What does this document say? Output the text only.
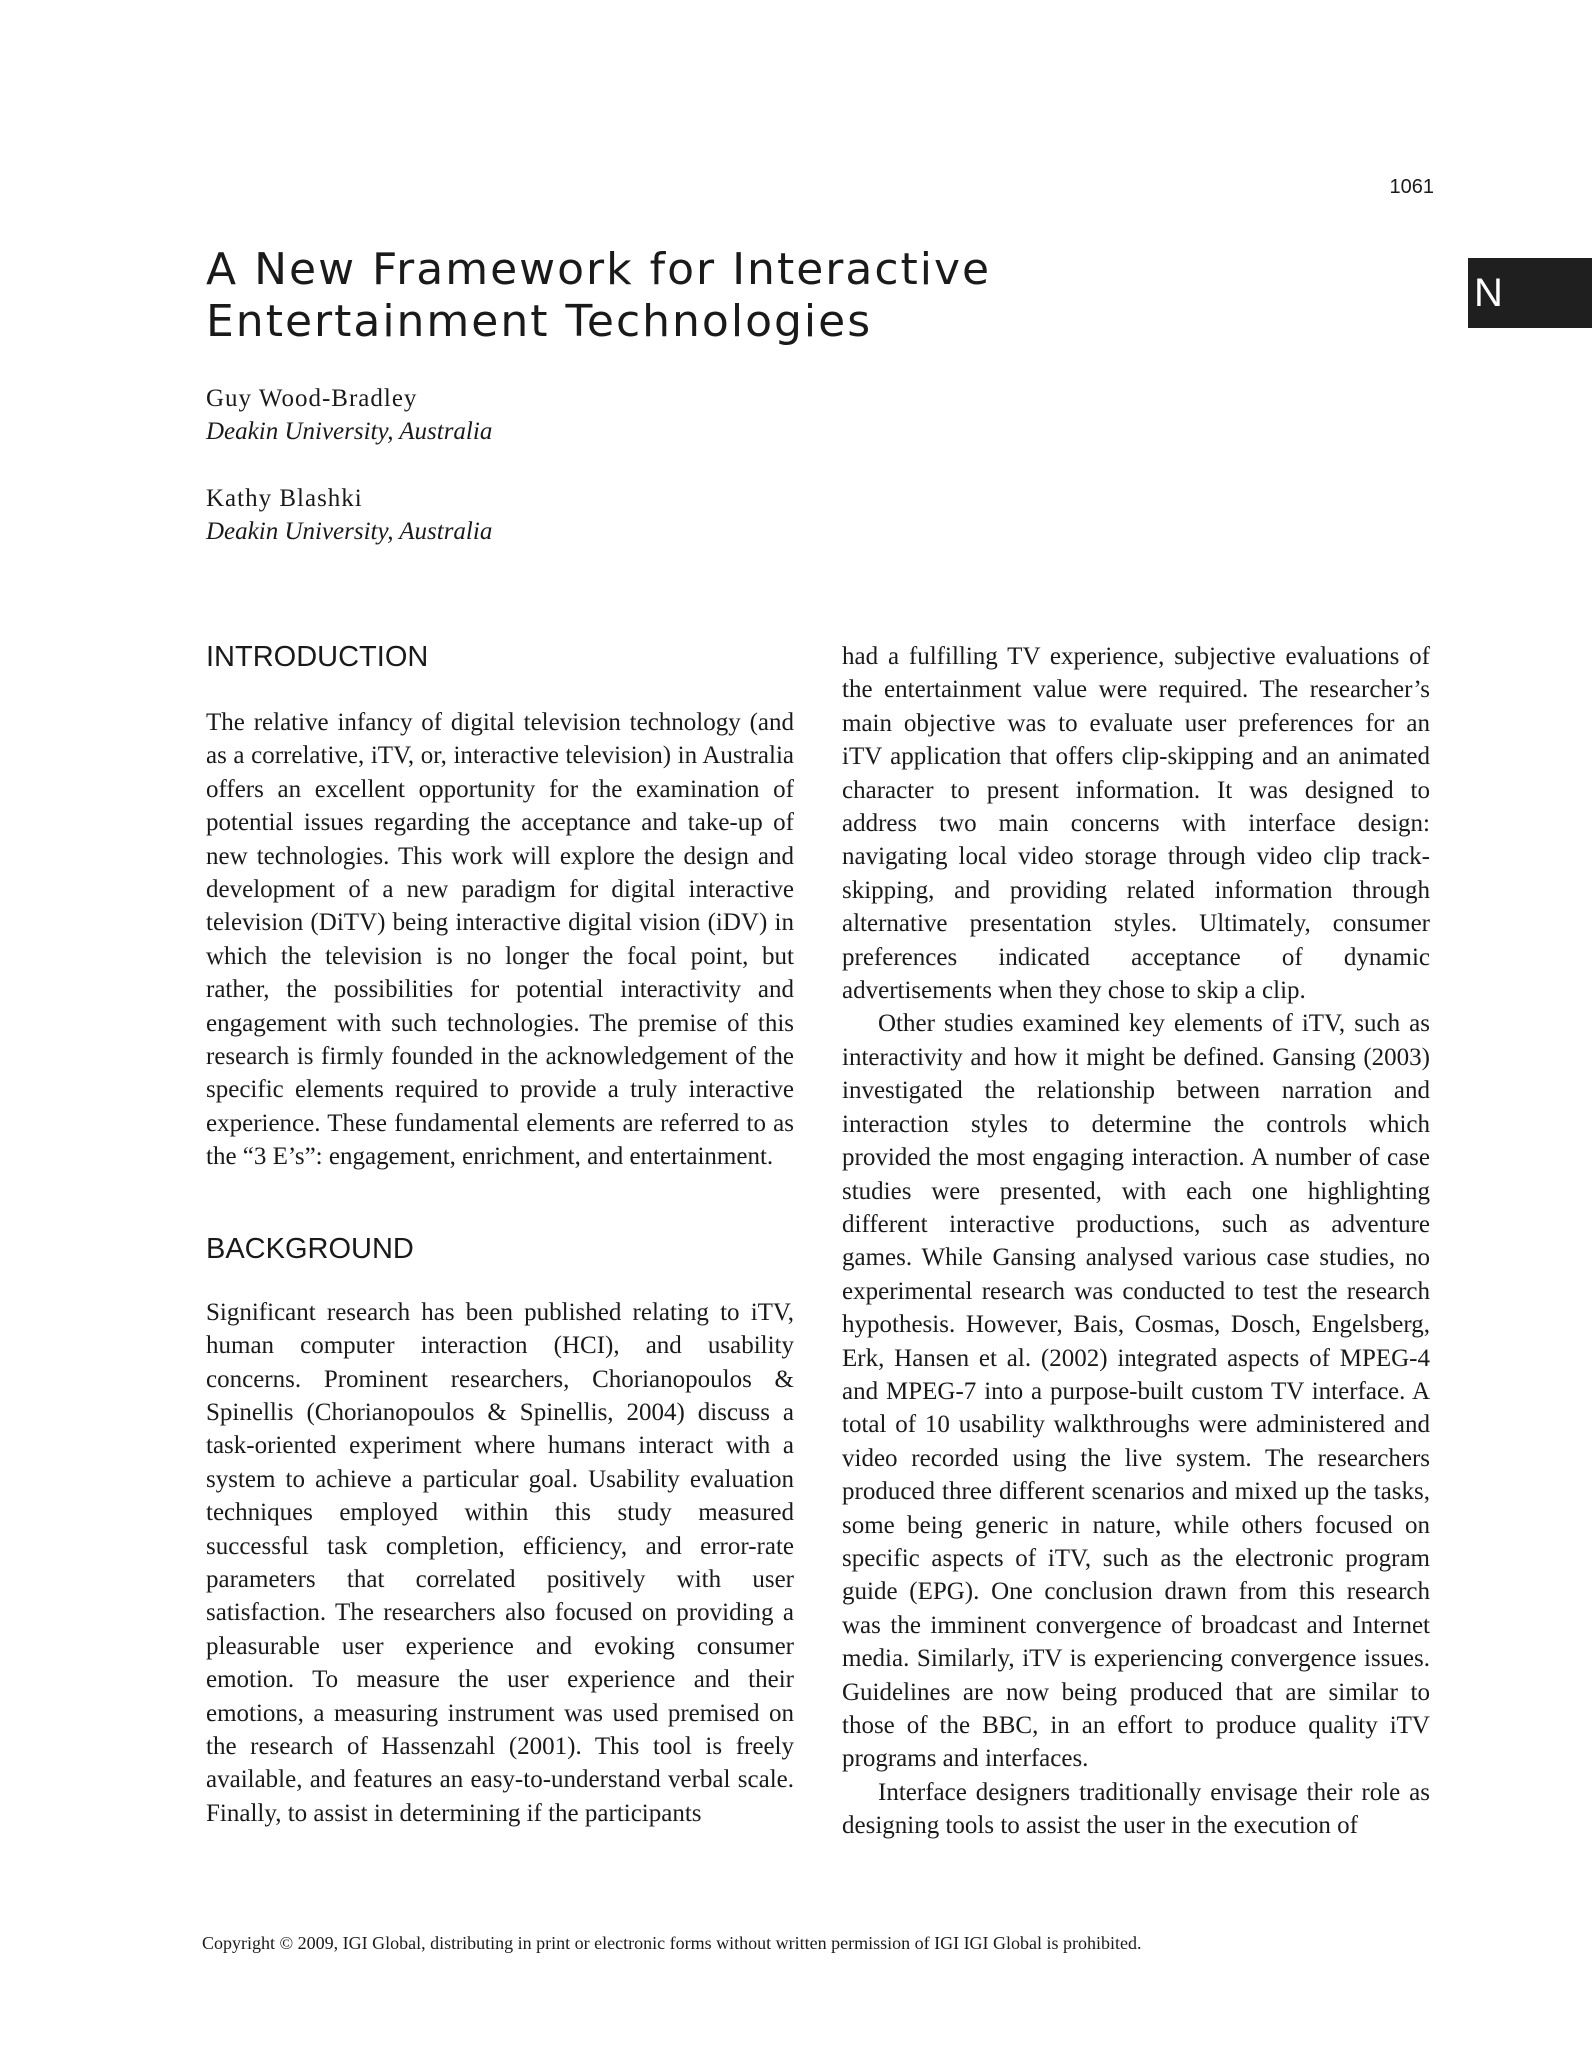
1061
N
A New Framework for Interactive Entertainment Technologies
Guy Wood-Bradley
Deakin University, Australia
Kathy Blashki
Deakin University, Australia
INTRODUCTION

The relative infancy of digital television technology (and as a correlative, iTV, or, interactive television) in Australia offers an excellent opportunity for the examination of potential issues regarding the acceptance and take-up of new technologies. This work will explore the design and development of a new paradigm for digital interactive television (DiTV) being interactive digital vision (iDV) in which the television is no longer the focal point, but rather, the possibilities for potential interactivity and engagement with such technologies. The premise of this research is firmly founded in the acknowledgement of the specific elements required to provide a truly interactive experience. These fundamental elements are referred to as the “3 E’s”: engagement, enrichment, and entertainment.

BACKGROUND

Significant research has been published relating to iTV, human computer interaction (HCI), and usability concerns. Prominent researchers, Chorianopoulos & Spinellis (Chorianopoulos & Spinellis, 2004) discuss a task-oriented experiment where humans interact with a system to achieve a particular goal. Usability evaluation techniques employed within this study measured successful task completion, efficiency, and error-rate parameters that correlated positively with user satisfaction. The researchers also focused on providing a pleasurable user experience and evoking consumer emotion. To measure the user experience and their emotions, a measuring instrument was used premised on the research of Hassenzahl (2001). This tool is freely available, and features an easy-to-understand verbal scale. Finally, to assist in determining if the participants

had a fulfilling TV experience, subjective evaluations of the entertainment value were required. The researcher’s main objective was to evaluate user preferences for an iTV application that offers clip-skipping and an animated character to present information. It was designed to address two main concerns with interface design: navigating local video storage through video clip track-skipping, and providing related information through alternative presentation styles. Ultimately, consumer preferences indicated acceptance of dynamic advertisements when they chose to skip a clip.

Other studies examined key elements of iTV, such as interactivity and how it might be defined. Gansing (2003) investigated the relationship between narration and interaction styles to determine the controls which provided the most engaging interaction. A number of case studies were presented, with each one highlighting different interactive productions, such as adventure games. While Gansing analysed various case studies, no experimental research was conducted to test the research hypothesis. However, Bais, Cosmas, Dosch, Engelsberg, Erk, Hansen et al. (2002) integrated aspects of MPEG-4 and MPEG-7 into a purpose-built custom TV interface. A total of 10 usability walkthroughs were administered and video recorded using the live system. The researchers produced three different scenarios and mixed up the tasks, some being generic in nature, while others focused on specific aspects of iTV, such as the electronic program guide (EPG). One conclusion drawn from this research was the imminent convergence of broadcast and Internet media. Similarly, iTV is experiencing convergence issues. Guidelines are now being produced that are similar to those of the BBC, in an effort to produce quality iTV programs and interfaces.

Interface designers traditionally envisage their role as designing tools to assist the user in the execution of

Copyright © 2009, IGI Global, distributing in print or electronic forms without written permission of IGI IGI Global is prohibited.
